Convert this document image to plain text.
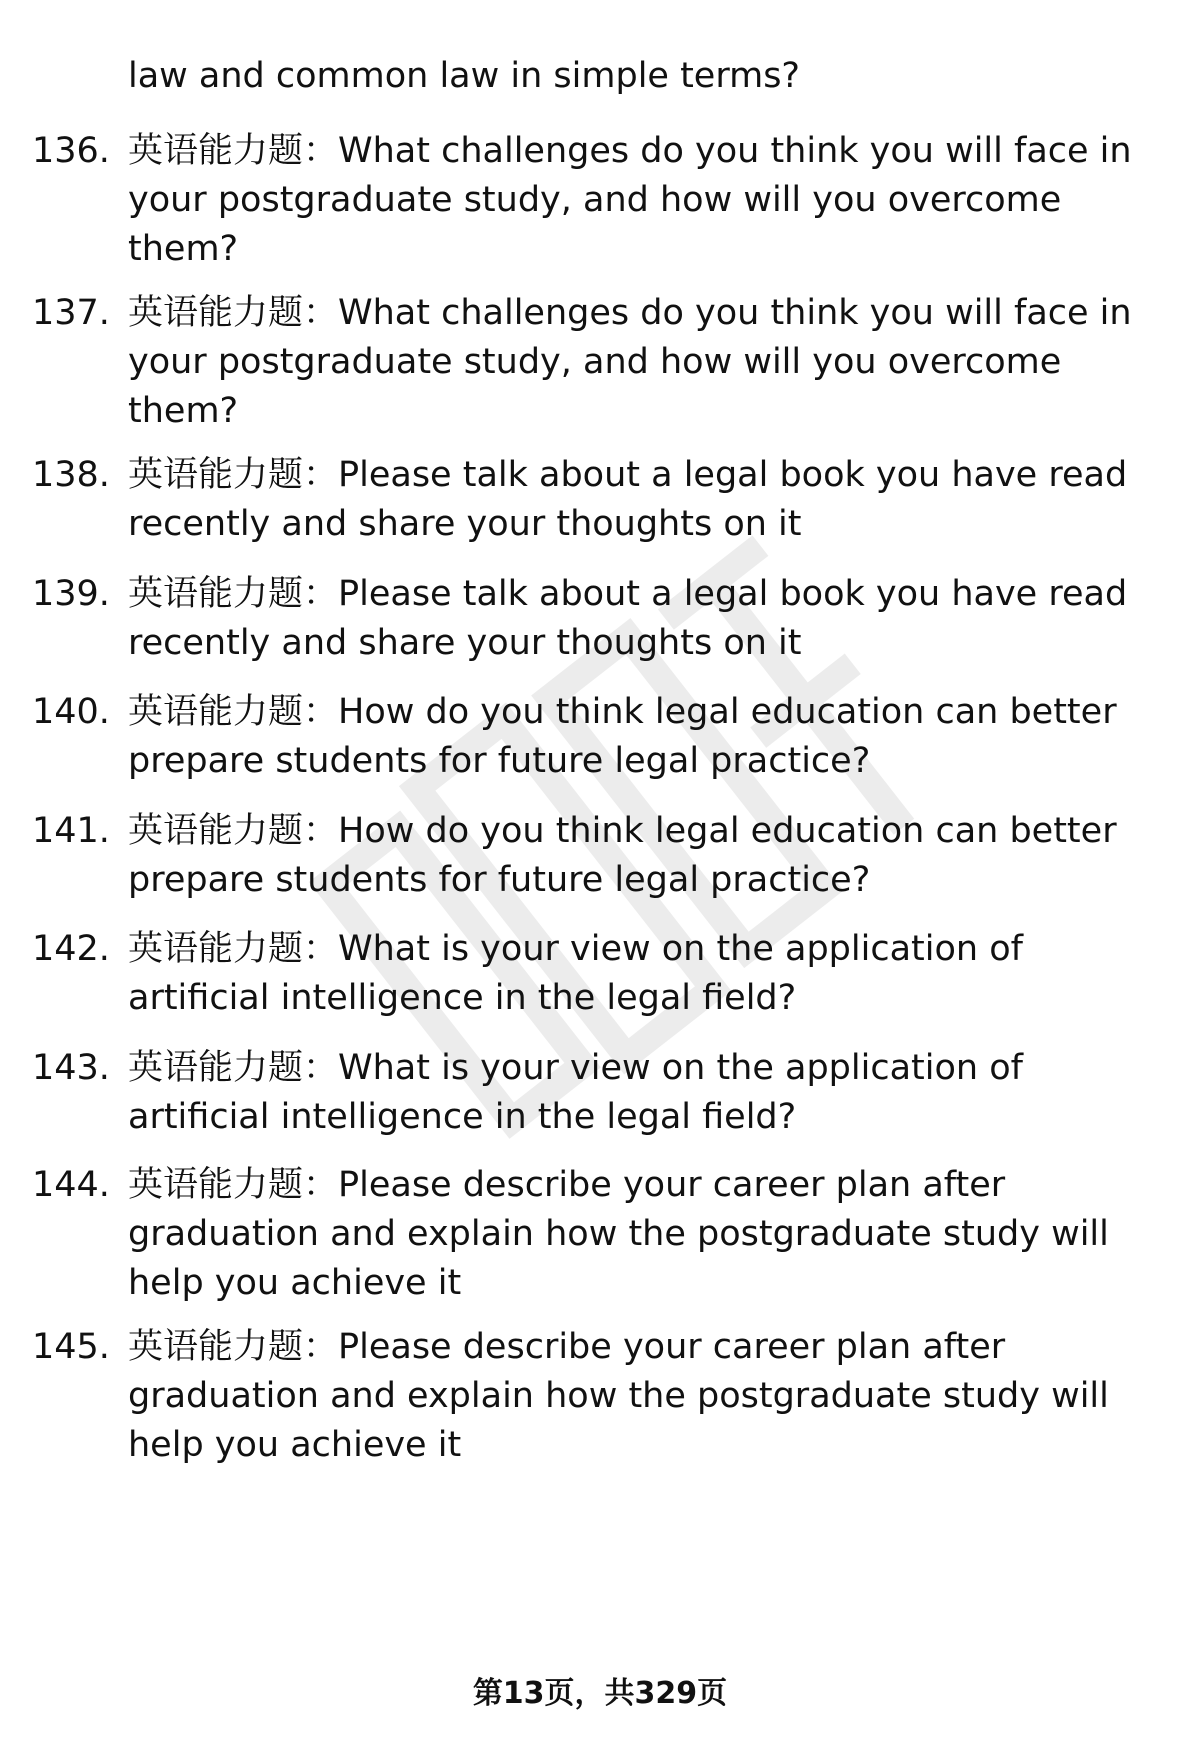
law and common law in simple terms?
136. 英语能力题：What challenges do you think you will face in
your postgraduate study, and how will you overcome
them?
137. 英语能力题：What challenges do you think you will face in
your postgraduate study, and how will you overcome
them?
138. 英语能力题：Please talk about a legal book you have read
recently and share your thoughts on it
139. 英语能力题：Please talk about a legal book you have read
recently and share your thoughts on it
140. 英语能力题：How do you think legal education can better
prepare students for future legal practice?
141. 英语能力题：How do you think legal education can better
prepare students for future legal practice?
142. 英语能力题：What is your view on the application of
artificial intelligence in the legal field?
143. 英语能力题：What is your view on the application of
artificial intelligence in the legal field?
144. 英语能力题：Please describe your career plan after
graduation and explain how the postgraduate study will
help you achieve it
145. 英语能力题：Please describe your career plan after
graduation and explain how the postgraduate study will
help you achieve it
第13页，共329页
